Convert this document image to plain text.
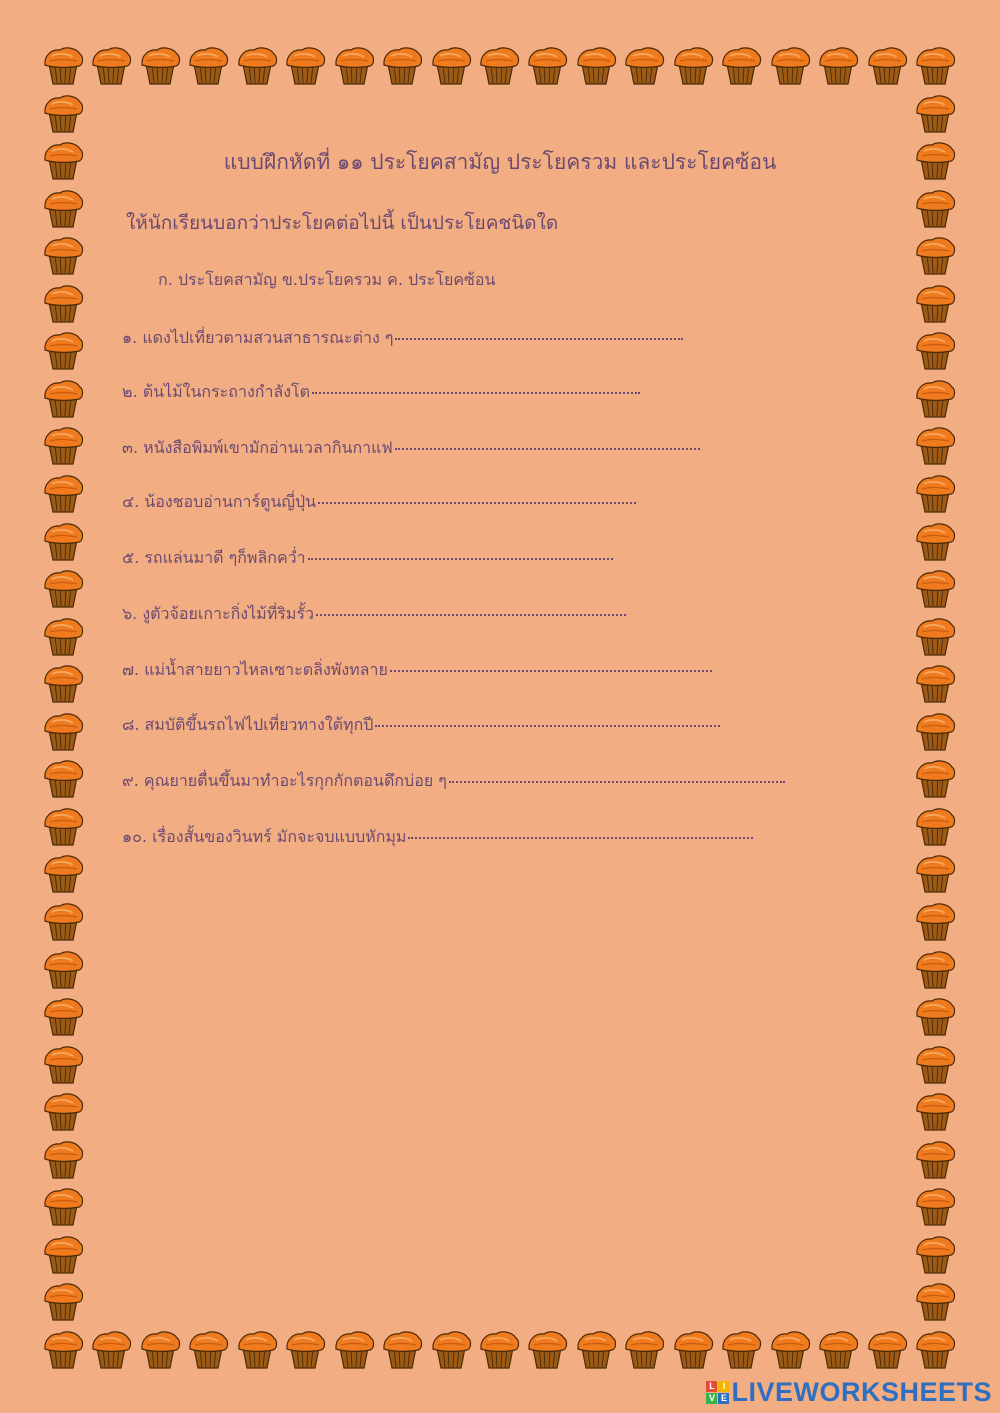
แบบฝึกหัดที่ ๑๑ ประโยคสามัญ ประโยครวม และประโยคซ้อน

ให้นักเรียนบอกว่าประโยคต่อไปนี้ เป็นประโยคชนิดใด

ก. ประโยคสามัญ ข.ประโยครวม ค. ประโยคซ้อน

๑. แดงไปเที่ยวตามสวนสาธารณะต่าง ๆ
๒. ต้นไม้ในกระถางกำลังโต
๓. หนังสือพิมพ์เขามักอ่านเวลากินกาแฟ
๔. น้องชอบอ่านการ์ตูนญี่ปุ่น
๕. รถแล่นมาดี ๆก็พลิกคว่ำ
๖. งูตัวจ้อยเกาะกิ่งไม้ที่ริมรั้ว
๗. แม่น้ำสายยาวไหลเซาะตลิ่งพังทลาย
๘. สมบัติขึ้นรถไฟไปเที่ยวทางใต้ทุกปี
๙. คุณยายตื่นขึ้นมาทำอะไรกุกกักตอนดึกบ่อย ๆ
๑๐. เรื่องสั้นของวินทร์ มักจะจบแบบหักมุม
L I
V E LIVEWORKSHEETS
